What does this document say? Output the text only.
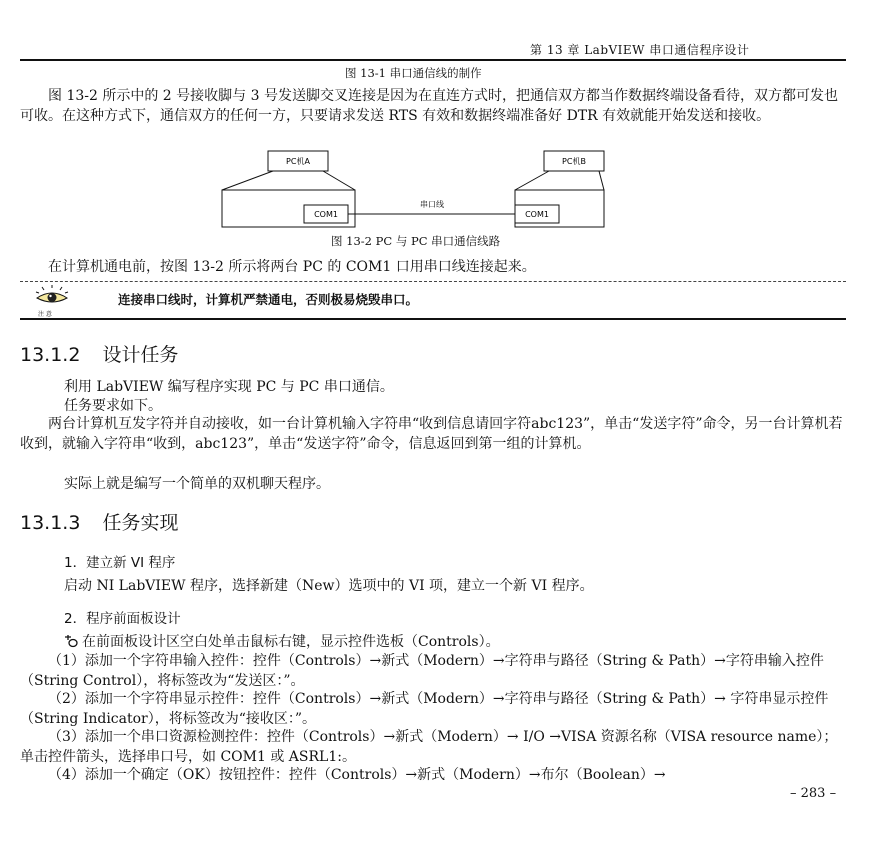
第 13 章 LabVIEW 串口通信程序设计
图 13-1 串口通信线的制作
图 13-2 所示中的 2 号接收脚与 3 号发送脚交叉连接是因为在直连方式时，把通信双方都当作数据终端设备看待，双方都可发也可收。在这种方式下，通信双方的任何一方，只要请求发送 RTS 有效和数据终端准备好 DTR 有效就能开始发送和接收。
PC机A
COM1
串口线
PC机B
COM1
图 13-2 PC 与 PC 串口通信线路
在计算机通电前，按图 13-2 所示将两台 PC 的 COM1 口用串口线连接起来。
注 意
连接串口线时，计算机严禁通电，否则极易烧毁串口。
13.1.2 设计任务
利用 LabVIEW 编写程序实现 PC 与 PC 串口通信。
任务要求如下。
两台计算机互发字符并自动接收，如一台计算机输入字符串“收到信息请回字符abc123”，单击“发送字符”命令，另一台计算机若收到，就输入字符串“收到，abc123”，单击“发送字符”命令，信息返回到第一组的计算机。
实际上就是编写一个简单的双机聊天程序。
13.1.3 任务实现
1．建立新 VI 程序
启动 NI LabVIEW 程序，选择新建（New）选项中的 VI 项，建立一个新 VI 程序。
2．程序前面板设计
在前面板设计区空白处单击鼠标右键，显示控件选板（Controls）。
（1）添加一个字符串输入控件：控件（Controls）→新式（Modern）→字符串与路径（String & Path）→字符串输入控件（String Control），将标签改为“发送区：”。
（2）添加一个字符串显示控件：控件（Controls）→新式（Modern）→字符串与路径（String & Path）→ 字符串显示控件（String Indicator），将标签改为“接收区：”。
（3）添加一个串口资源检测控件：控件（Controls）→新式（Modern）→ I/O →VISA 资源名称（VISA resource name）；单击控件箭头，选择串口号，如 COM1 或 ASRL1:。
（4）添加一个确定（OK）按钮控件：控件（Controls）→新式（Modern）→布尔（Boolean）→
– 283 –
